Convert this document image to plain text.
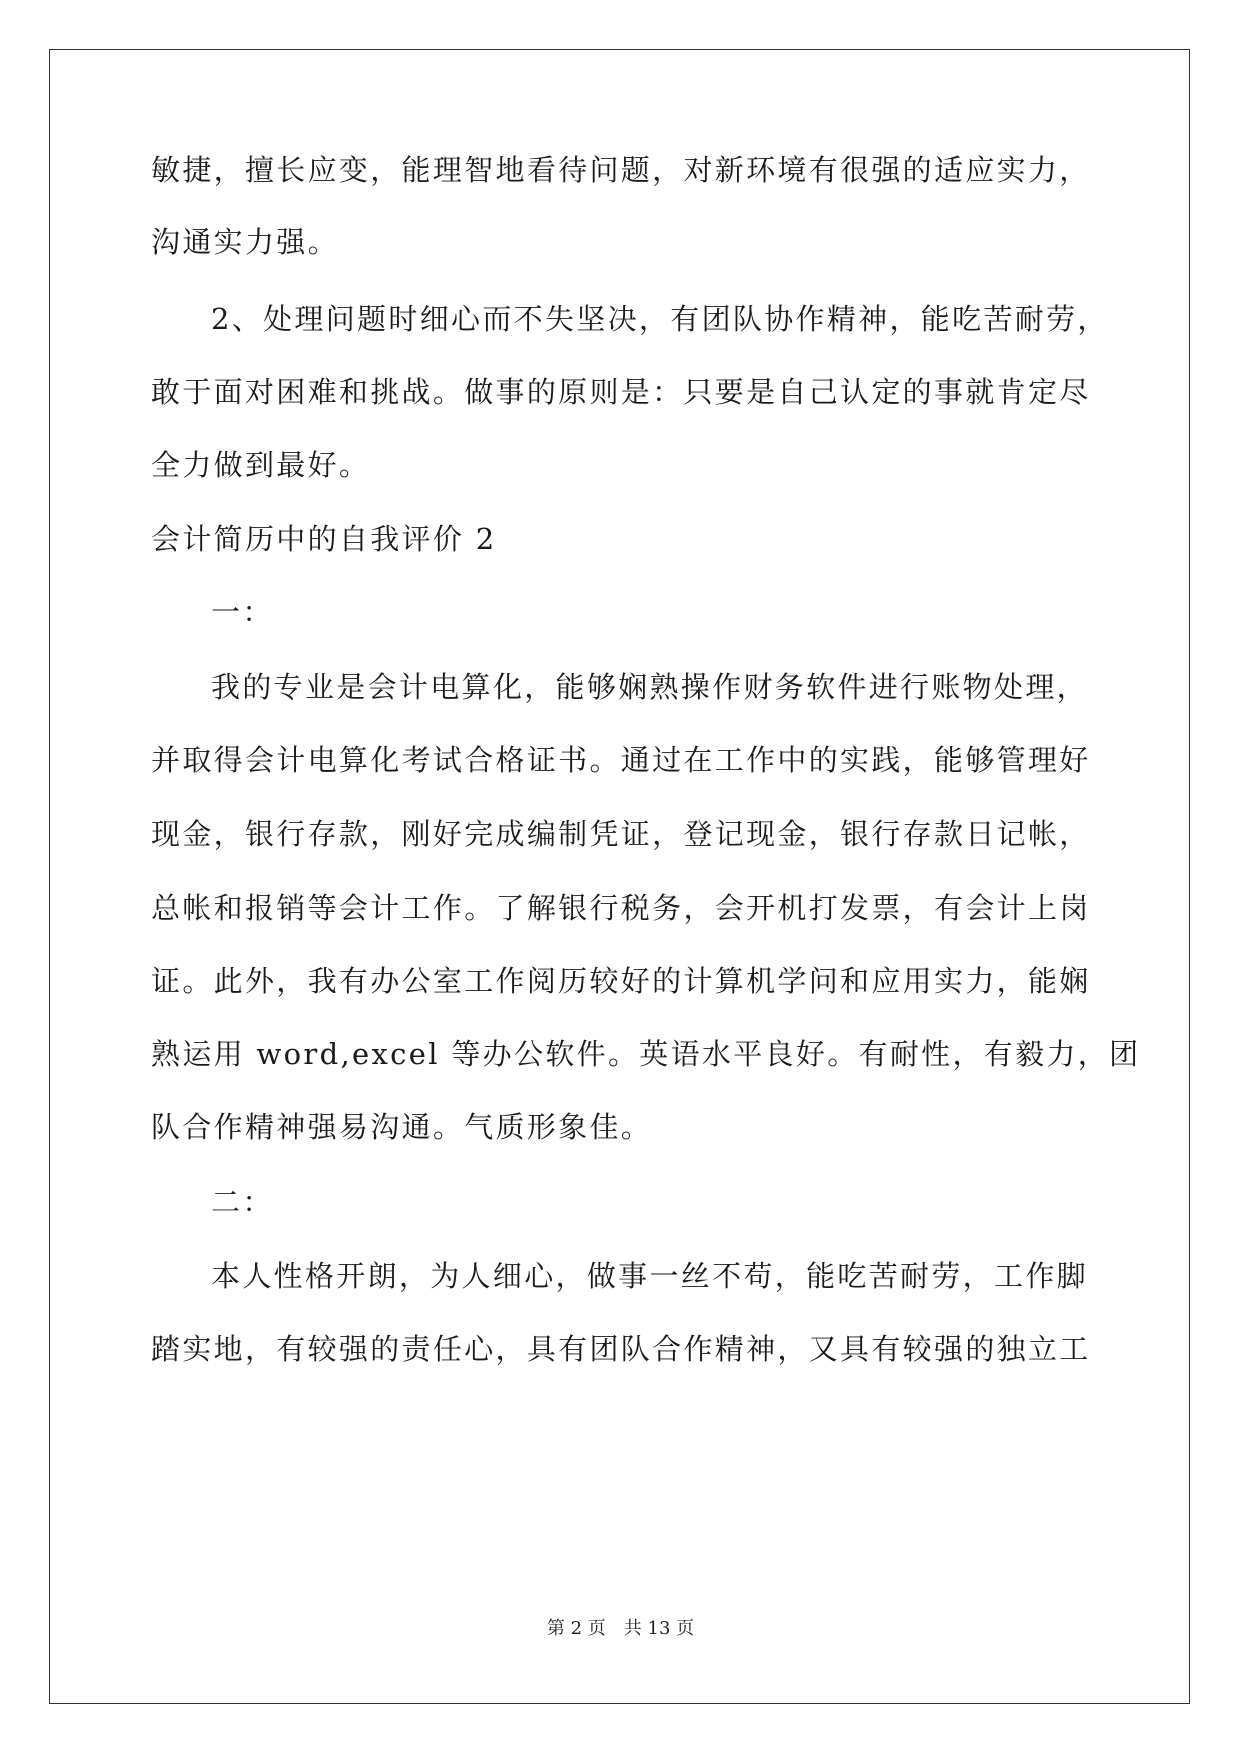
敏捷，擅长应变，能理智地看待问题，对新环境有很强的适应实力，
沟通实力强。
2、处理问题时细心而不失坚决，有团队协作精神，能吃苦耐劳，
敢于面对困难和挑战。做事的原则是：只要是自己认定的事就肯定尽
全力做到最好。
会计简历中的自我评价 2
一：
我的专业是会计电算化，能够娴熟操作财务软件进行账物处理，
并取得会计电算化考试合格证书。通过在工作中的实践，能够管理好
现金，银行存款，刚好完成编制凭证，登记现金，银行存款日记帐，
总帐和报销等会计工作。了解银行税务，会开机打发票，有会计上岗
证。此外，我有办公室工作阅历较好的计算机学问和应用实力，能娴
熟运用 word,excel 等办公软件。英语水平良好。有耐性，有毅力，团
队合作精神强易沟通。气质形象佳。
二：
本人性格开朗，为人细心，做事一丝不苟，能吃苦耐劳，工作脚
踏实地，有较强的责任心，具有团队合作精神，又具有较强的独立工
第 2 页 共 13 页
